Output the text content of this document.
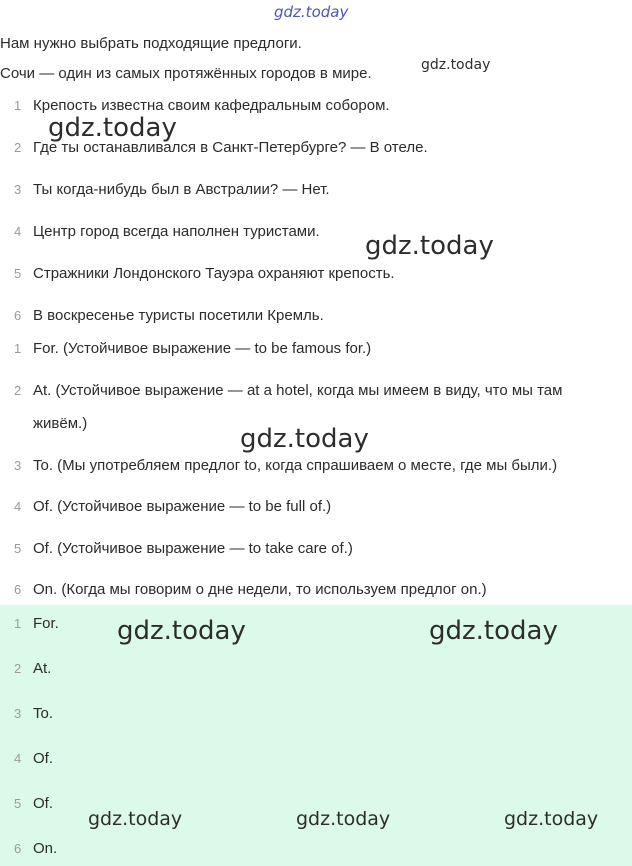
gdz.today
Нам нужно выбрать подходящие предлоги.
Сочи — один из самых протяжённых городов в мире.
1 Крепость известна своим кафедральным собором.
2 Где ты останавливался в Санкт-Петербурге? — В отеле.
3 Ты когда-нибудь был в Австралии? — Нет.
4 Центр город всегда наполнен туристами.
5 Стражники Лондонского Тауэра охраняют крепость.
6 В воскресенье туристы посетили Кремль.
1 For. (Устойчивое выражение — to be famous for.)
2 At. (Устойчивое выражение — at a hotel, когда мы имеем в виду, что мы там
живём.)
3 To. (Мы употребляем предлог to, когда спрашиваем о месте, где мы были.)
4 Of. (Устойчивое выражение — to be full of.)
5 Of. (Устойчивое выражение — to take care of.)
6 On. (Когда мы говорим о дне недели, то используем предлог on.)
1 For.
2 At.
3 To.
4 Of.
5 Of.
6 On.
gdz.today
gdz.today
gdz.today
gdz.today
gdz.today	gdz.today
gdz.today	gdz.today	gdz.today
